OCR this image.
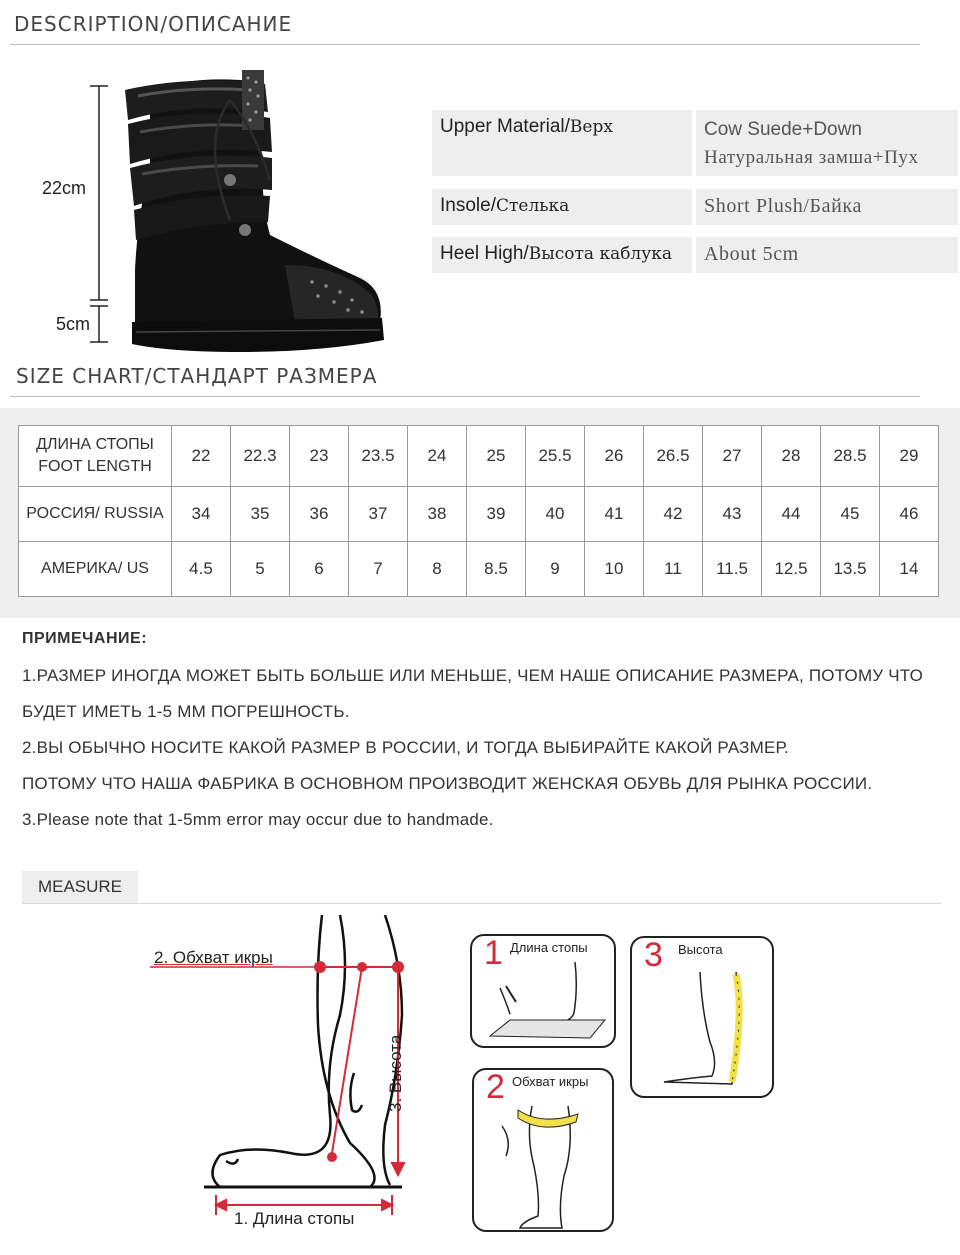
DESCRIPTION/ОПИСАНИЕ
22cm
5cm
Upper Material/Верх	Cow Suede+Down
Натуральная замша+Пух
Insole/Стелька	Short Plush/Байка
Heel High/Высота каблука	About 5cm
SIZE CHART/СТАНДАРТ РАЗМЕРА
ДЛИНА СТОПЫ
FOOT LENGTH	22	22.3	23	23.5	24	25	25.5	26	26.5	27	28	28.5	29
РОССИЯ/ RUSSIA	34	35	36	37	38	39	40	41	42	43	44	45	46
АМЕРИКА/ US	4.5	5	6	7	8	8.5	9	10	11	11.5	12.5	13.5	14
ПРИМЕЧАНИЕ:
1.РАЗМЕР ИНОГДА МОЖЕТ БЫТЬ БОЛЬШЕ ИЛИ МЕНЬШЕ, ЧЕМ НАШЕ ОПИСАНИЕ РАЗМЕРА, ПОТОМУ ЧТО
БУДЕТ ИМЕТЬ 1-5 ММ ПОГРЕШНОСТЬ.
2.ВЫ ОБЫЧНО НОСИТЕ КАКОЙ РАЗМЕР В РОССИИ, И ТОГДА ВЫБИРАЙТЕ КАКОЙ РАЗМЕР.
ПОТОМУ ЧТО НАША ФАБРИКА В ОСНОВНОМ ПРОИЗВОДИТ ЖЕНСКАЯ ОБУВЬ ДЛЯ РЫНКА РОССИИ.
3.Please note that 1-5mm error may occur due to handmade.
MEASURE
2. Обхват икры
3. Высота
1. Длина стопы
1 Длина стопы
2 Обхват икры
3 Высота
